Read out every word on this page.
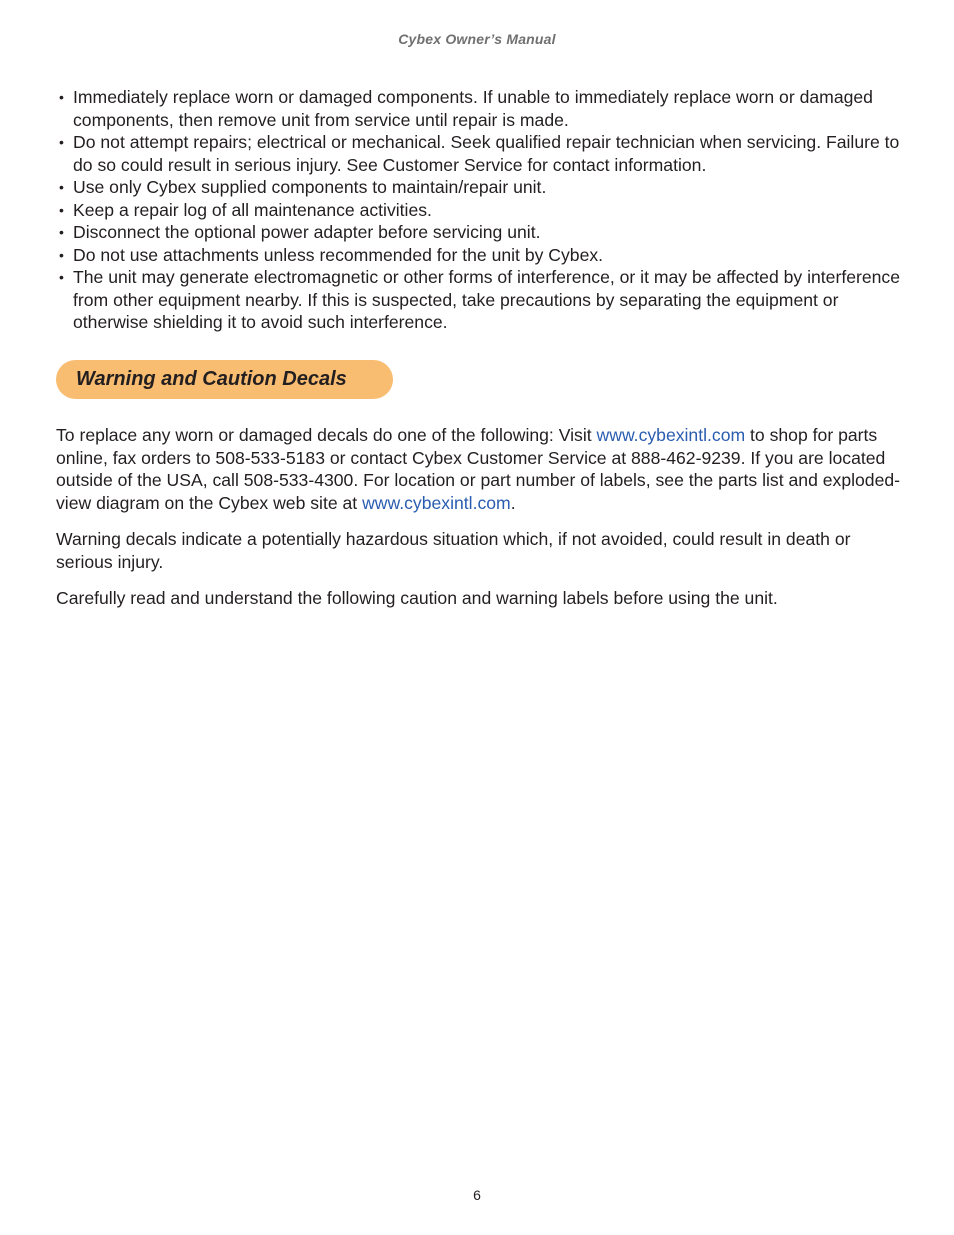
Cybex Owner’s Manual
• Immediately replace worn or damaged components. If unable to immediately replace worn or damaged components, then remove unit from service until repair is made.
• Do not attempt repairs; electrical or mechanical. Seek qualified repair technician when servicing. Failure to do so could result in serious injury. See Customer Service for contact information.
• Use only Cybex supplied components to maintain/repair unit.
• Keep a repair log of all maintenance activities.
• Disconnect the optional power adapter before servicing unit.
• Do not use attachments unless recommended for the unit by Cybex.
• The unit may generate electromagnetic or other forms of interference, or it may be affected by interference from other equipment nearby. If this is suspected, take precautions by separating the equipment or otherwise shielding it to avoid such interference.
Warning and Caution Decals

To replace any worn or damaged decals do one of the following: Visit www.cybexintl.com to shop for parts online, fax orders to 508-533-5183 or contact Cybex Customer Service at 888-462-9239. If you are located outside of the USA, call 508-533-4300. For location or part number of labels, see the parts list and exploded-view diagram on the Cybex web site at www.cybexintl.com.

Warning decals indicate a potentially hazardous situation which, if not avoided, could result in death or serious injury.

Carefully read and understand the following caution and warning labels before using the unit.

6
